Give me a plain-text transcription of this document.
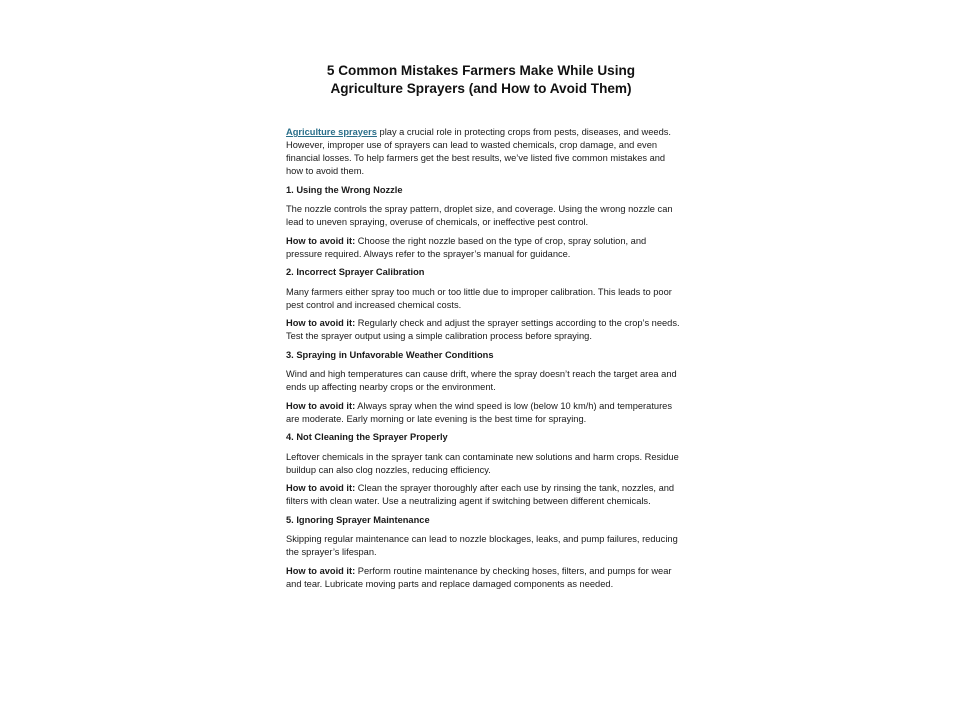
5 Common Mistakes Farmers Make While Using
Agriculture Sprayers (and How to Avoid Them)

Agriculture sprayers play a crucial role in protecting crops from pests, diseases, and weeds. However, improper use of sprayers can lead to wasted chemicals, crop damage, and even financial losses. To help farmers get the best results, we’ve listed five common mistakes and how to avoid them.

1. Using the Wrong Nozzle

The nozzle controls the spray pattern, droplet size, and coverage. Using the wrong nozzle can lead to uneven spraying, overuse of chemicals, or ineffective pest control.

How to avoid it: Choose the right nozzle based on the type of crop, spray solution, and pressure required. Always refer to the sprayer’s manual for guidance.

2. Incorrect Sprayer Calibration

Many farmers either spray too much or too little due to improper calibration. This leads to poor pest control and increased chemical costs.

How to avoid it: Regularly check and adjust the sprayer settings according to the crop’s needs. Test the sprayer output using a simple calibration process before spraying.

3. Spraying in Unfavorable Weather Conditions

Wind and high temperatures can cause drift, where the spray doesn’t reach the target area and ends up affecting nearby crops or the environment.

How to avoid it: Always spray when the wind speed is low (below 10 km/h) and temperatures are moderate. Early morning or late evening is the best time for spraying.

4. Not Cleaning the Sprayer Properly

Leftover chemicals in the sprayer tank can contaminate new solutions and harm crops. Residue buildup can also clog nozzles, reducing efficiency.

How to avoid it: Clean the sprayer thoroughly after each use by rinsing the tank, nozzles, and filters with clean water. Use a neutralizing agent if switching between different chemicals.

5. Ignoring Sprayer Maintenance

Skipping regular maintenance can lead to nozzle blockages, leaks, and pump failures, reducing the sprayer’s lifespan.

How to avoid it: Perform routine maintenance by checking hoses, filters, and pumps for wear and tear. Lubricate moving parts and replace damaged components as needed.
